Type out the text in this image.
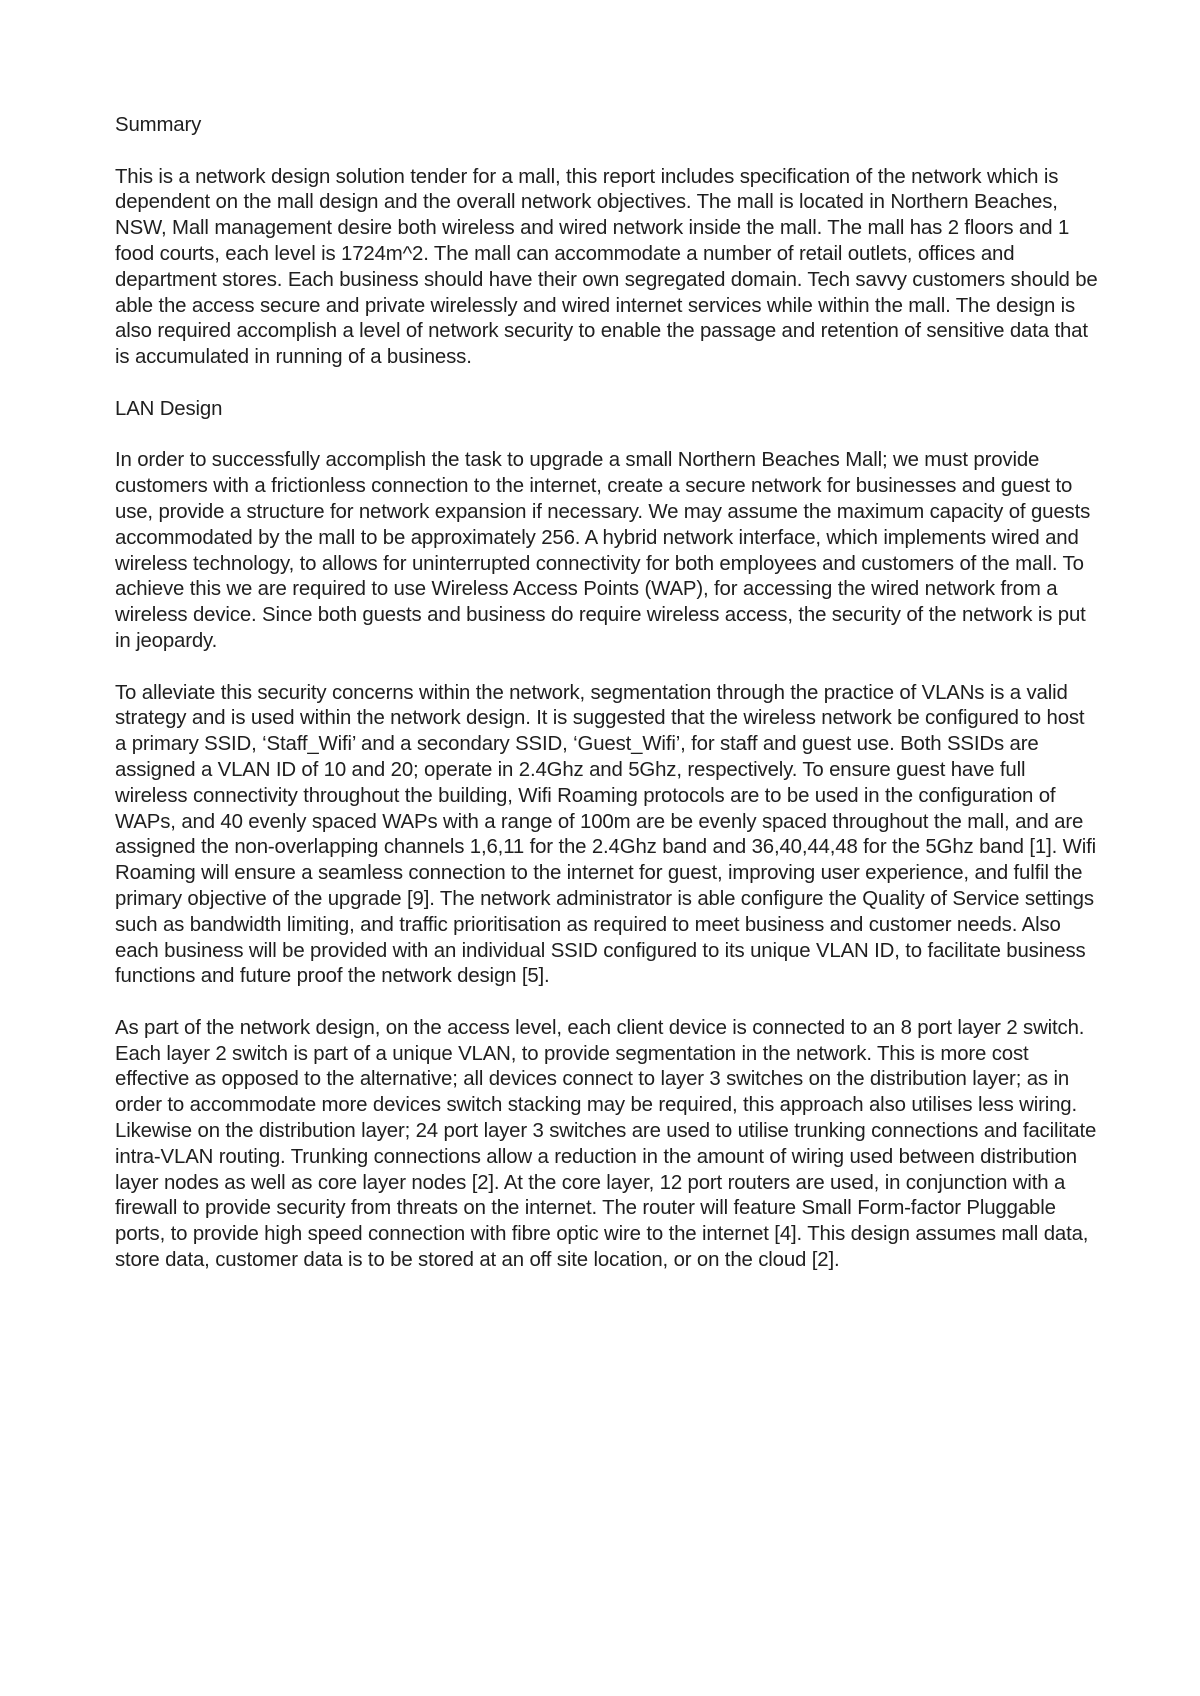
Summary

This is a network design solution tender for a mall, this report includes specification of the network which is dependent on the mall design and the overall network objectives. The mall is located in Northern Beaches, NSW, Mall management desire both wireless and wired network inside the mall. The mall has 2 floors and 1 food courts, each level is 1724m^2. The mall can accommodate a number of retail outlets, offices and department stores. Each business should have their own segregated domain. Tech savvy customers should be able the access secure and private wirelessly and wired internet services while within the mall. The design is also required accomplish a level of network security to enable the passage and retention of sensitive data that is accumulated in running of a business.

LAN Design

In order to successfully accomplish the task to upgrade a small Northern Beaches Mall; we must provide customers with a frictionless connection to the internet, create a secure network for businesses and guest to use, provide a structure for network expansion if necessary. We may assume the maximum capacity of guests accommodated by the mall to be approximately 256. A hybrid network interface, which implements wired and wireless technology, to allows for uninterrupted connectivity for both employees and customers of the mall. To achieve this we are required to use Wireless Access Points (WAP), for accessing the wired network from a wireless device. Since both guests and business do require wireless access, the security of the network is put in jeopardy.

To alleviate this security concerns within the network, segmentation through the practice of VLANs is a valid strategy and is used within the network design. It is suggested that the wireless network be configured to host a primary SSID, ‘Staff_Wifi’ and a secondary SSID, ‘Guest_Wifi’, for staff and guest use. Both SSIDs are assigned a VLAN ID of 10 and 20; operate in 2.4Ghz and 5Ghz, respectively. To ensure guest have full wireless connectivity throughout the building, Wifi Roaming protocols are to be used in the configuration of WAPs, and 40 evenly spaced WAPs with a range of 100m are be evenly spaced throughout the mall, and are assigned the non-overlapping channels 1,6,11 for the 2.4Ghz band and 36,40,44,48 for the 5Ghz band [1]. Wifi Roaming will ensure a seamless connection to the internet for guest, improving user experience, and fulfil the primary objective of the upgrade [9]. The network administrator is able configure the Quality of Service settings such as bandwidth limiting, and traffic prioritisation as required to meet business and customer needs. Also each business will be provided with an individual SSID configured to its unique VLAN ID, to facilitate business functions and future proof the network design [5].

As part of the network design, on the access level, each client device is connected to an 8 port layer 2 switch. Each layer 2 switch is part of a unique VLAN, to provide segmentation in the network. This is more cost effective as opposed to the alternative; all devices connect to layer 3 switches on the distribution layer; as in order to accommodate more devices switch stacking may be required, this approach also utilises less wiring. Likewise on the distribution layer; 24 port layer 3 switches are used to utilise trunking connections and facilitate intra-VLAN routing. Trunking connections allow a reduction in the amount of wiring used between distribution layer nodes as well as core layer nodes [2]. At the core layer, 12 port routers are used, in conjunction with a firewall to provide security from threats on the internet. The router will feature Small Form-factor Pluggable ports, to provide high speed connection with fibre optic wire to the internet [4]. This design assumes mall data, store data, customer data is to be stored at an off site location, or on the cloud [2].
